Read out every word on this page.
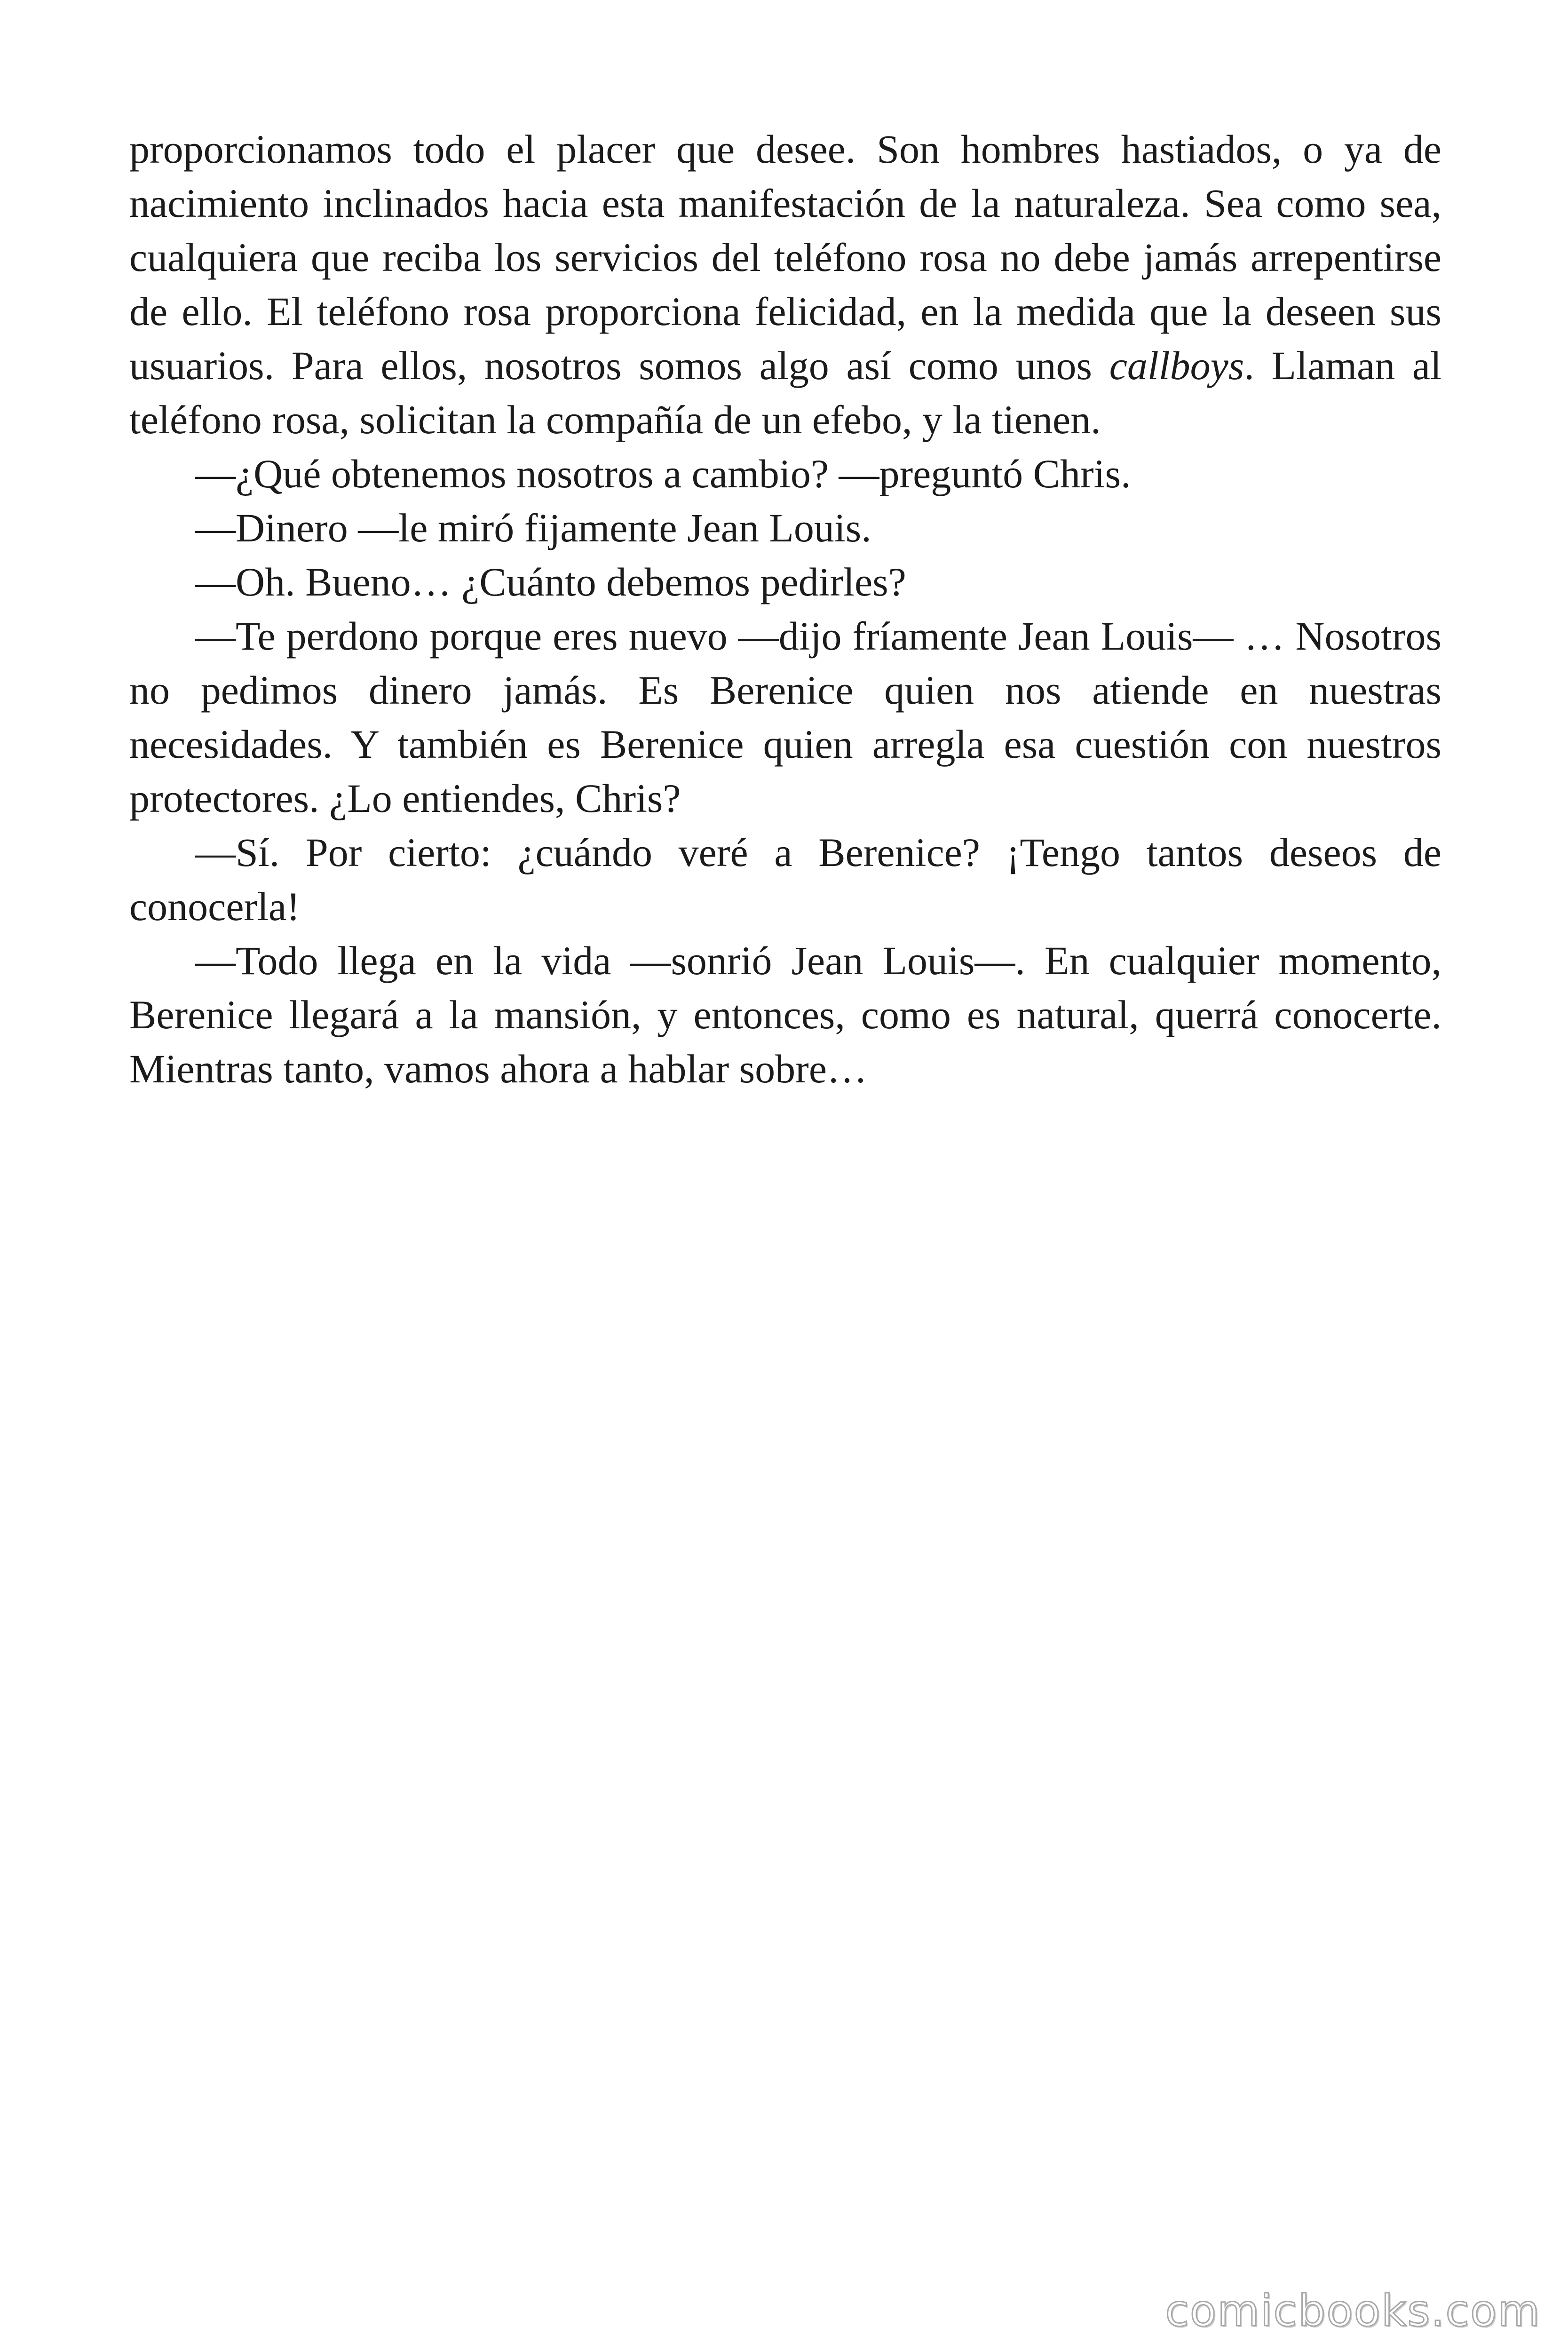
proporcionamos todo el placer que desee. Son hombres hastiados, o ya de nacimiento inclinados hacia esta manifestación de la naturaleza. Sea como sea, cualquiera que reciba los servicios del teléfono rosa no debe jamás arrepentirse de ello. El teléfono rosa proporciona felicidad, en la medida que la deseen sus usuarios. Para ellos, nosotros somos algo así como unos callboys. Llaman al teléfono rosa, solicitan la compañía de un efebo, y la tienen.

—¿Qué obtenemos nosotros a cambio? —preguntó Chris.

—Dinero —le miró fijamente Jean Louis.

—Oh. Bueno… ¿Cuánto debemos pedirles?

—Te perdono porque eres nuevo —dijo fríamente Jean Louis— … Nosotros no pedimos dinero jamás. Es Berenice quien nos atiende en nuestras necesidades. Y también es Berenice quien arregla esa cuestión con nuestros protectores. ¿Lo entiendes, Chris?

—Sí. Por cierto: ¿cuándo veré a Berenice? ¡Tengo tantos deseos de conocerla!

—Todo llega en la vida —sonrió Jean Louis—. En cualquier momento, Berenice llegará a la mansión, y entonces, como es natural, querrá conocerte. Mientras tanto, vamos ahora a hablar sobre…

comicbooks.com
